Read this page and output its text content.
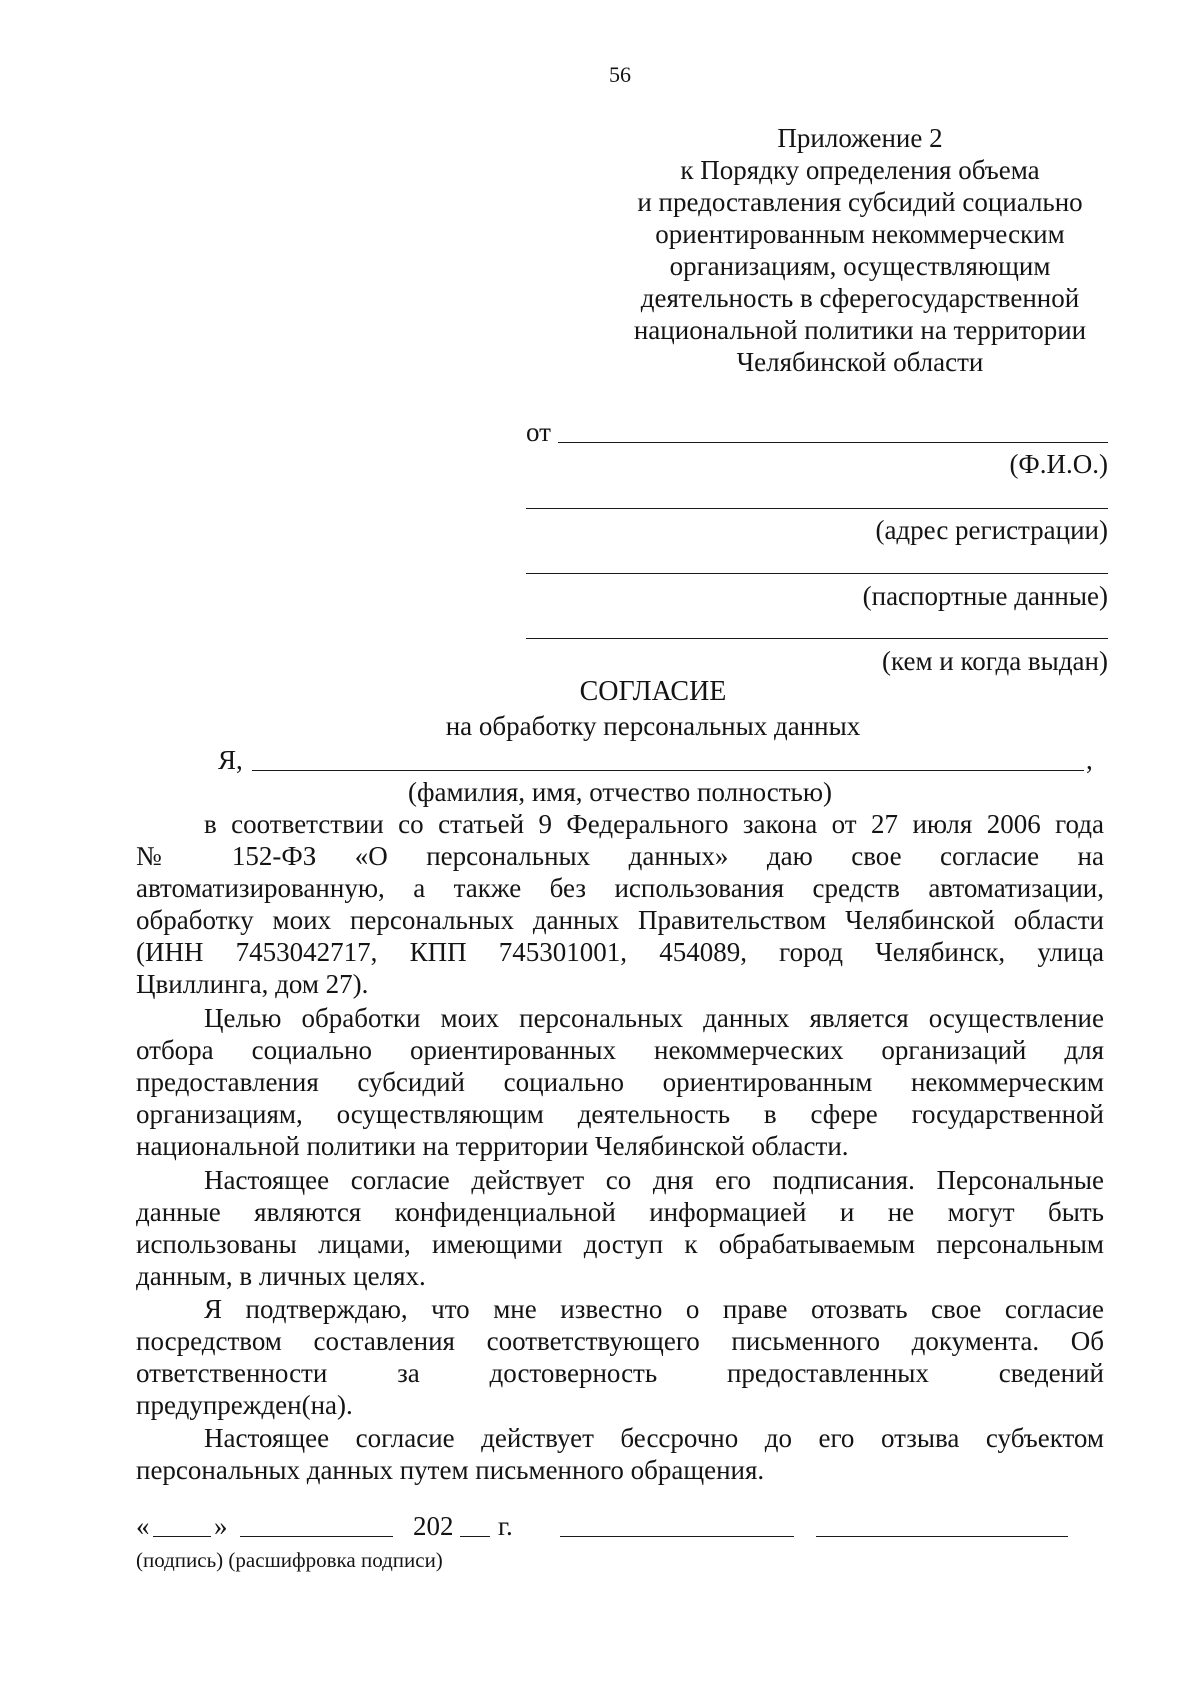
56
Приложение 2
к Порядку определения объема
и предоставления субсидий социально
ориентированным некоммерческим
организациям, осуществляющим
деятельность в сферегосударственной
национальной политики на территории
Челябинской области
от
(Ф.И.О.)
(адрес регистрации)
(паспортные данные)
(кем и когда выдан)
СОГЛАСИЕ
на обработку персональных данных
Я,	,
(фамилия, имя, отчество полностью)
в соответствии со статьей 9 Федерального закона от 27 июля 2006 года
№ 152-ФЗ «О персональных данных» даю свое согласие на
автоматизированную, а также без использования средств автоматизации,
обработку моих персональных данных Правительством Челябинской области
(ИНН 7453042717, КПП 745301001, 454089, город Челябинск, улица
Цвиллинга, дом 27).
Целью обработки моих персональных данных является осуществление
отбора социально ориентированных некоммерческих организаций для
предоставления субсидий социально ориентированным некоммерческим
организациям, осуществляющим деятельность в сфере государственной
национальной политики на территории Челябинской области.
Настоящее согласие действует со дня его подписания. Персональные
данные являются конфиденциальной информацией и не могут быть
использованы лицами, имеющими доступ к обрабатываемым персональным
данным, в личных целях.
Я подтверждаю, что мне известно о праве отозвать свое согласие
посредством составления соответствующего письменного документа. Об
ответственности за достоверность предоставленных сведений
предупрежден(на).
Настоящее согласие действует бессрочно до его отзыва субъектом
персональных данных путем письменного обращения.
« »	202 г.
(подпись) (расшифровка подписи)
